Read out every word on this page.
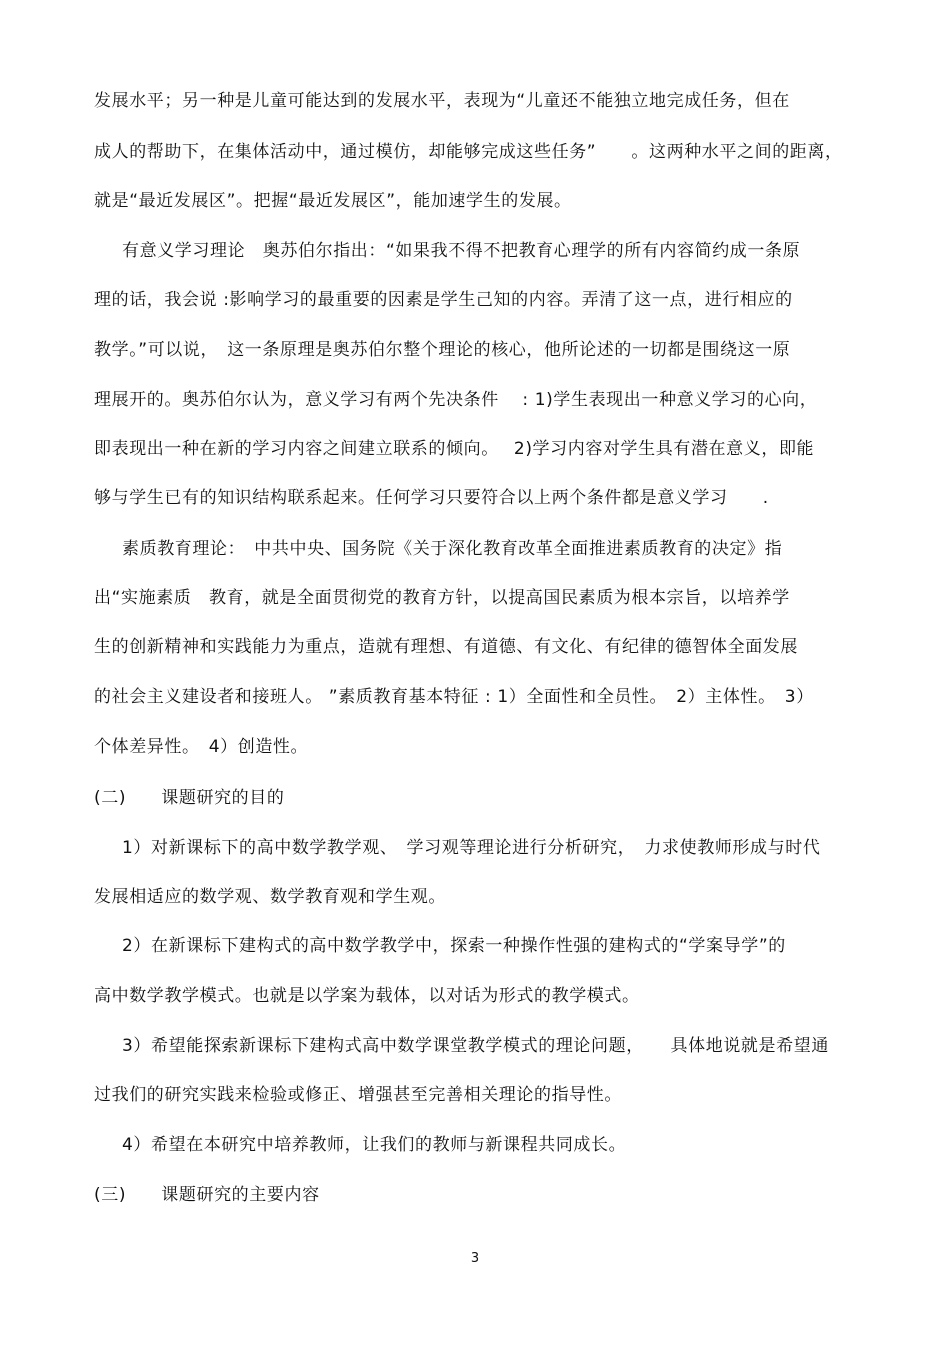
发展水平；另一种是儿童可能达到的发展水平，表现为“儿童还不能独立地完成任务，但在
成人的帮助下，在集体活动中，通过模仿，却能够完成这些任务”　　。这两种水平之间的距离，
就是“最近发展区”。把握“最近发展区”，能加速学生的发展。
有意义学习理论　奥苏伯尔指出：“如果我不得不把教育心理学的所有内容简约成一条原
理的话，我会说 :影响学习的最重要的因素是学生己知的内容。弄清了这一点，进行相应的
教学。”可以说，　这一条原理是奥苏伯尔整个理论的核心，他所论述的一切都是围绕这一原
理展开的。奥苏伯尔认为，意义学习有两个先决条件　 : 1)学生表现出一种意义学习的心向，
即表现出一种在新的学习内容之间建立联系的倾向。　 2)学习内容对学生具有潜在意义，即能
够与学生已有的知识结构联系起来。任何学习只要符合以上两个条件都是意义学习　　.
素质教育理论：　中共中央、国务院《关于深化教育改革全面推进素质教育的决定》指
出“实施素质　教育，就是全面贯彻党的教育方针，以提高国民素质为根本宗旨，以培养学
生的创新精神和实践能力为重点，造就有理想、有道德、有文化、有纪律的德智体全面发展
的社会主义建设者和接班人。 ”素质教育基本特征 : 1）全面性和全员性。　2）主体性。　3）
个体差异性。　4）创造性。
(二)　　课题研究的目的
1）对新课标下的高中数学教学观、　学习观等理论进行分析研究，　力求使教师形成与时代
发展相适应的数学观、数学教育观和学生观。
2）在新课标下建构式的高中数学教学中，探索一种操作性强的建构式的“学案导学”的
高中数学教学模式。也就是以学案为载体，以对话为形式的教学模式。
3）希望能探索新课标下建构式高中数学课堂教学模式的理论问题，　　具体地说就是希望通
过我们的研究实践来检验或修正、增强甚至完善相关理论的指导性。
4）希望在本研究中培养教师，让我们的教师与新课程共同成长。
(三)　　课题研究的主要内容
3
